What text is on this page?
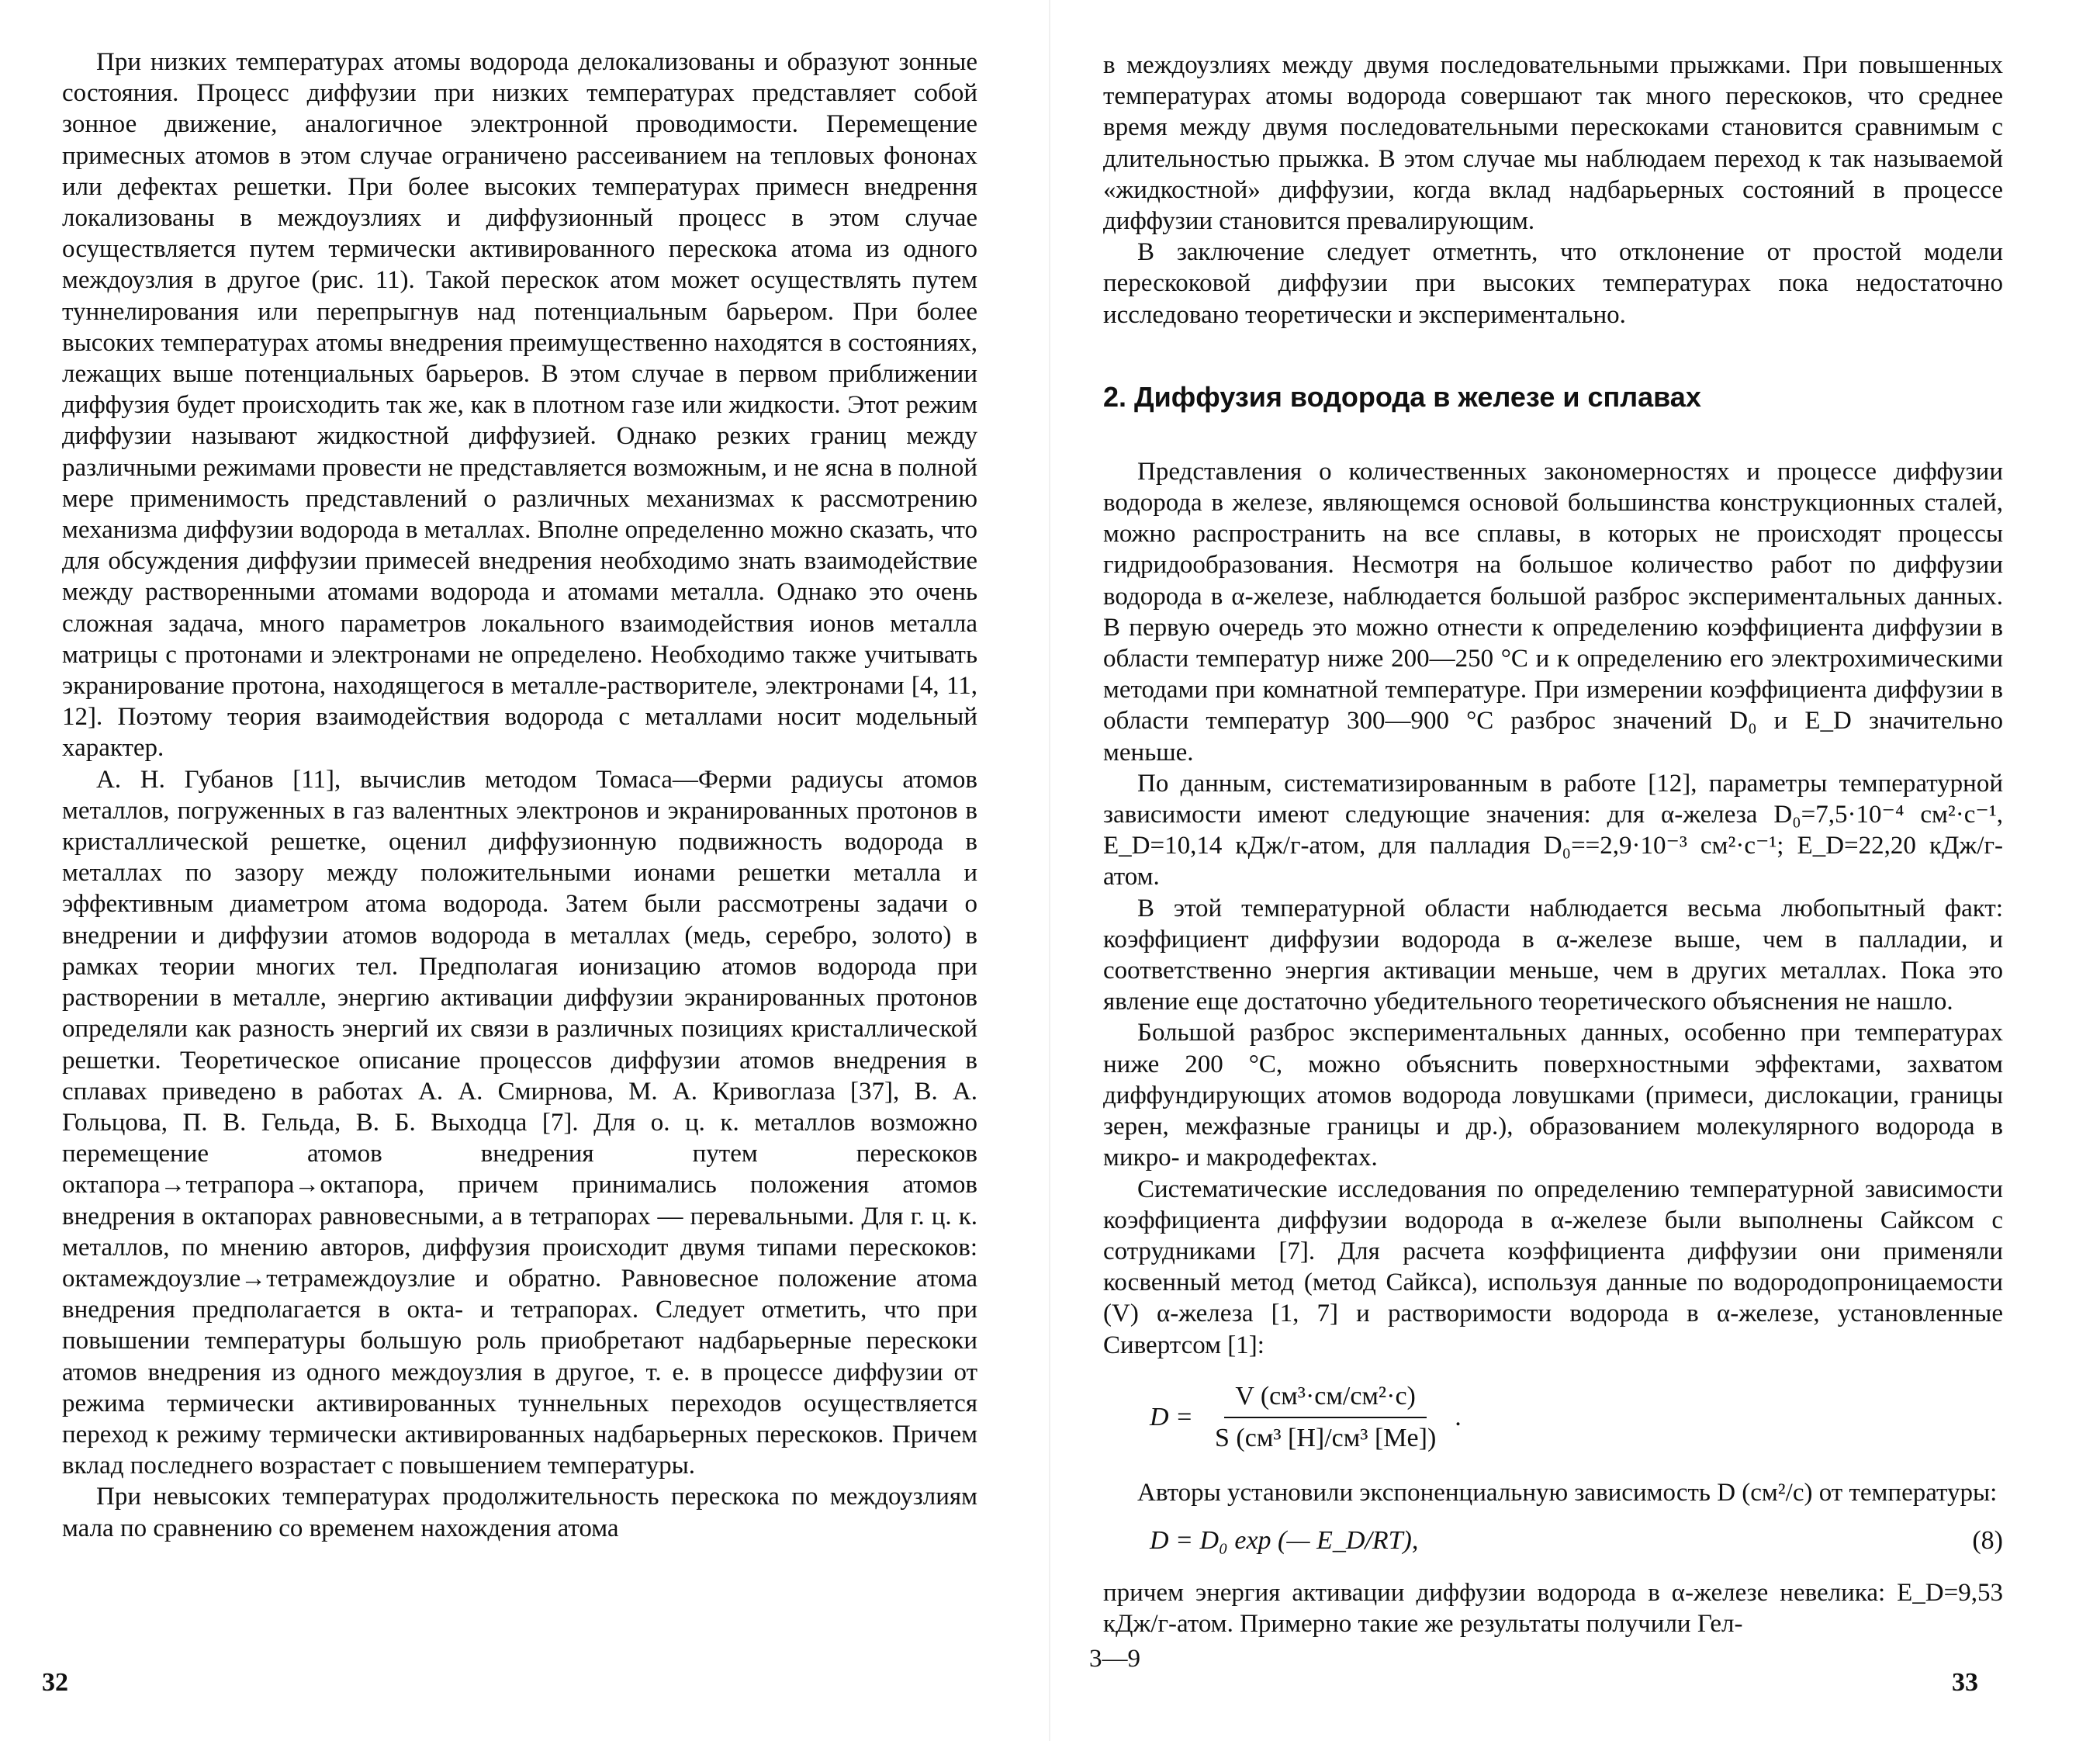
При низких температурах атомы водорода делокализованы и образуют зонные состояния. Процесс диффузии при низких температурах представляет собой зонное движение, аналогичное электронной проводимости. Перемещение примесных атомов в этом случае ограничено рассеиванием на тепловых фононах или дефектах решетки. При более высоких температурах примесн внедрення локализованы в междоузлиях и диффузионный процесс в этом случае осуществляется путем термически активированного перескока атома из одного междоузлия в другое (рис. 11). Такой перескок атом может осуществлять путем туннелирования или перепрыгнув над потенциальным барьером. При более высоких температурах атомы внедрения преимущественно находятся в состояниях, лежащих выше потенциальных барьеров. В этом случае в первом приближении диффузия будет происходить так же, как в плотном газе или жидкости. Этот режим диффузии называют жидкостной диффузией. Однако резких границ между различными режимами провести не представляется возможным, и не ясна в полной мере применимость представлений о различных механизмах к рассмотрению механизма диффузии водорода в металлах. Вполне определенно можно сказать, что для обсуждения диффузии примесей внедрения необходимо знать взаимодействие между растворенными атомами водорода и атомами металла. Однако это очень сложная задача, много параметров локального взаимодействия ионов металла матрицы с протонами и электронами не определено. Необходимо также учитывать экранирование протона, находящегося в металле-растворителе, электронами [4, 11, 12]. Поэтому теория взаимодействия водорода с металлами носит модельный характер.

А. Н. Губанов [11], вычислив методом Томаса—Ферми радиусы атомов металлов, погруженных в газ валентных электронов и экранированных протонов в кристаллической решетке, оценил диффузионную подвижность водорода в металлах по зазору между положительными ионами решетки металла и эффективным диаметром атома водорода. Затем были рассмотрены задачи о внедрении и диффузии атомов водорода в металлах (медь, серебро, золото) в рамках теории многих тел. Предполагая ионизацию атомов водорода при растворении в металле, энергию активации диффузии экранированных протонов определяли как разность энергий их связи в различных позициях кристаллической решетки. Теоретическое описание процессов диффузии атомов внедрения в сплавах приведено в работах А. А. Смирнова, М. А. Кривоглаза [37], В. А. Гольцова, П. В. Гельда, В. Б. Выходца [7]. Для о. ц. к. металлов возможно перемещение атомов внедрения путем перескоков октапора→тетрапора→октапора, причем принимались положения атомов внедрения в октапорах равновесными, а в тетрапорах — перевальными. Для г. ц. к. металлов, по мнению авторов, диффузия происходит двумя типами перескоков: октамеждоузлие→тетрамеждоузлие и обратно. Равновесное положение атома внедрения предполагается в окта- и тетрапорах. Следует отметить, что при повышении температуры большую роль приобретают надбарьерные перескоки атомов внедрения из одного междоузлия в другое, т. е. в процессе диффузии от режима термически активированных туннельных переходов осуществляется переход к режиму термически активированных надбарьерных перескоков. Причем вклад последнего возрастает с повышением температуры.

При невысоких температурах продолжительность перескока по междоузлиям мала по сравнению со временем нахождения атома

32

в междоузлиях между двумя последовательными прыжками. При повышенных температурах атомы водорода совершают так много перескоков, что среднее время между двумя последовательными перескоками становится сравнимым с длительностью прыжка. В этом случае мы наблюдаем переход к так называемой «жидкостной» диффузии, когда вклад надбарьерных состояний в процессе диффузии становится превалирующим.

В заключение следует отметнть, что отклонение от простой модели перескоковой диффузии при высоких температурах пока недостаточно исследовано теоретически и экспериментально.

2. Диффузия водорода в железе и сплавах

Представления о количественных закономерностях и процессе диффузии водорода в железе, являющемся основой большинства конструкционных сталей, можно распространить на все сплавы, в которых не происходят процессы гидридообразования. Несмотря на большое количество работ по диффузии водорода в α-железе, наблюдается большой разброс экспериментальных данных. В первую очередь это можно отнести к определению коэффициента диффузии в области температур ниже 200—250 °С и к определению его электрохимическими методами при комнатной температуре. При измерении коэффициента диффузии в области температур 300—900 °С разброс значений D₀ и E_D значительно меньше.

По данным, систематизированным в работе [12], параметры температурной зависимости имеют следующие значения: для α-железа D₀=7,5·10⁻⁴ см²·с⁻¹, E_D=10,14 кДж/г-атом, для палладия D₀==2,9·10⁻³ см²·с⁻¹; E_D=22,20 кДж/г-атом.

В этой температурной области наблюдается весьма любопытный факт: коэффициент диффузии водорода в α-железе выше, чем в палладии, и соответственно энергия активации меньше, чем в других металлах. Пока это явление еще достаточно убедительного теоретического объяснения не нашло.

Большой разброс экспериментальных данных, особенно при температурах ниже 200 °С, можно объяснить поверхностными эффектами, захватом диффундирующих атомов водорода ловушками (примеси, дислокации, границы зерен, межфазные границы и др.), образованием молекулярного водорода в микро- и макродефектах.

Систематические исследования по определению температурной зависимости коэффициента диффузии водорода в α-железе были выполнены Сайксом с сотрудниками [7]. Для расчета коэффициента диффузии они применяли косвенный метод (метод Сайкса), используя данные по водородопроницаемости (V) α-железа [1, 7] и растворимости водорода в α-железе, установленные Сивертсом [1]:

$D = \frac{\text{V (см³·см/см²·с)}}{\text{S (см³ [H]/см³ [Me])}}$ .

Авторы установили экспоненциальную зависимость D (см²/с) от температуры:

D = D₀ exp (— E_D/RT),	(8)

причем энергия активации диффузии водорода в α-железе невелика: E_D=9,53 кДж/г-атом. Примерно такие же результаты получили Гел-

3—9
33
